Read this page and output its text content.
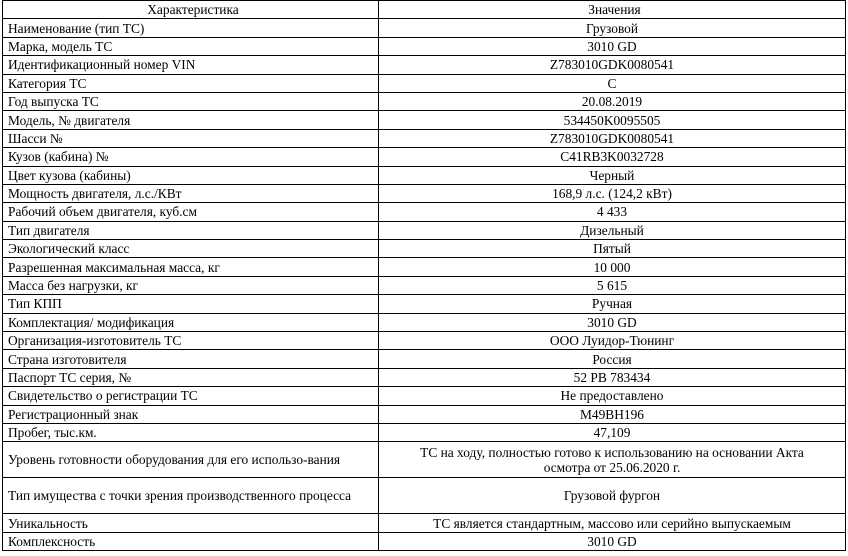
Характеристика	Значения
Наименование (тип ТС)	Грузовой
Марка, модель ТС	3010 GD
Идентификационный номер VIN	Z783010GDK0080541
Категория ТС	С
Год выпуска ТС	20.08.2019
Модель, № двигателя	534450K0095505
Шасси №	Z783010GDK0080541
Кузов (кабина) №	C41RB3K0032728
Цвет кузова (кабины)	Черный
Мощность двигателя, л.с./КВт	168,9 л.с. (124,2 кВт)
Рабочий объем двигателя, куб.см	4 433
Тип двигателя	Дизельный
Экологический класс	Пятый
Разрешенная максимальная масса, кг	10 000
Масса без нагрузки, кг	5 615
Тип КПП	Ручная
Комплектация/ модификация	3010 GD
Организация-изготовитель ТС	ООО Луидор-Тюнинг
Страна изготовителя	Россия
Паспорт ТС серия, №	52 РВ 783434
Свидетельство о регистрации ТС	Не предоставлено
Регистрационный знак	М49ВН196
Пробег, тыс.км.	47,109
Уровень готовности оборудования для его использо-вания	ТС на ходу, полностью готово к использованию на основании Акта осмотра от 25.06.2020 г.
Тип имущества с точки зрения производственного процесса	Грузовой фургон
Уникальность	ТС является стандартным, массово или серийно выпускаемым
Комплексность	3010 GD
